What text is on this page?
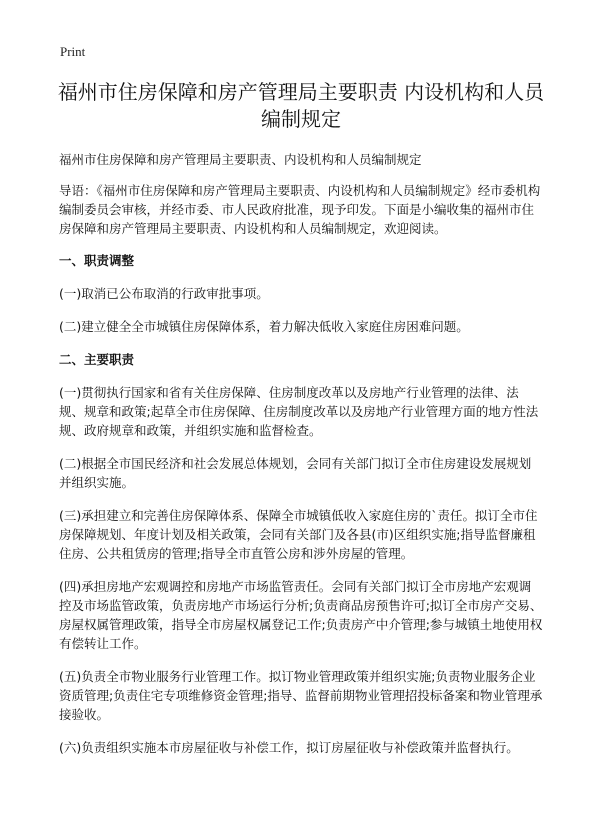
Print
福州市住房保障和房产管理局主要职责 内设机构和人员编制规定

福州市住房保障和房产管理局主要职责、内设机构和人员编制规定

导语：《福州市住房保障和房产管理局主要职责、内设机构和人员编制规定》经市委机构编制委员会审核，并经市委、市人民政府批准，现予印发。下面是小编收集的福州市住房保障和房产管理局主要职责、内设机构和人员编制规定，欢迎阅读。

一、职责调整

(一)取消已公布取消的行政审批事项。

(二)建立健全全市城镇住房保障体系，着力解决低收入家庭住房困难问题。

二、主要职责

(一)贯彻执行国家和省有关住房保障、住房制度改革以及房地产行业管理的法律、法规、规章和政策;起草全市住房保障、住房制度改革以及房地产行业管理方面的地方性法规、政府规章和政策，并组织实施和监督检查。

(二)根据全市国民经济和社会发展总体规划，会同有关部门拟订全市住房建设发展规划并组织实施。

(三)承担建立和完善住房保障体系、保障全市城镇低收入家庭住房的`责任。拟订全市住房保障规划、年度计划及相关政策，会同有关部门及各县(市)区组织实施;指导监督廉租住房、公共租赁房的管理;指导全市直管公房和涉外房屋的管理。

(四)承担房地产宏观调控和房地产市场监管责任。会同有关部门拟订全市房地产宏观调控及市场监管政策，负责房地产市场运行分析;负责商品房预售许可;拟订全市房产交易、房屋权属管理政策，指导全市房屋权属登记工作;负责房产中介管理;参与城镇土地使用权有偿转让工作。

(五)负责全市物业服务行业管理工作。拟订物业管理政策并组织实施;负责物业服务企业资质管理;负责住宅专项维修资金管理;指导、监督前期物业管理招投标备案和物业管理承接验收。

(六)负责组织实施本市房屋征收与补偿工作，拟订房屋征收与补偿政策并监督执行。
